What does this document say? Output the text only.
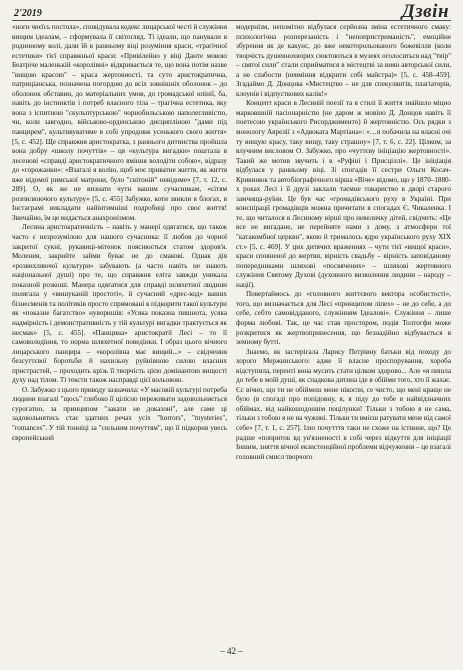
2'2019	Дзвін

«ноги чиєїсь постола», сповідувала кодекс лицарської честі й служіння вищим ідеалам, – сформувала її світогляд. Ті ідеали, що панували в родинному колі, дали їй в ранньому віці розуміння краси, «трагічної естетики» тієї справжньої краси: «Привілейно у віці Данте мовою Беатріче маленькій «королівні» відкривається те, що вона потім назве "вищою красою" – краса жертовності, та суто аристократична, патриціанська, позначена погордою до всіх зовнішніх оболонок – до оболонок обставин, до матеріальних умов, до громадської опінії, ба, навіть до інстинктів і потреб власного тіла – трагічна естетика, яку вона з іспитною "скульптурською" чорнобильською наполегливістю, чи, коли завгодно, військово-орденською дисципліною "дами під панцирем", культивуватиме в собі упродовж усенького свого життя» [5, с. 452]. Ще справжня аристократка, з раннього дитинства пройшла вона добру «школу почуттів» – ця «культура вигадки» поштала в лесенові «справді аристократичного вміння володіти собою», відразу до «горожанки»: «Взагалі я волію, щоб моє приватне життя, як життя вже відомої римської матрони, було "світоній" невідоме» [7, т. 12, с. 289]. О, як же не визнати чути вашим сучасникам, «сітям розпилюючого культуру» [5, с. 455] Забужко, коти звикли в блогах, в Інстаграмі викладати найінтимніші подробиці про своє життя! Звичайно, їм це видається анахронізмом.

Лесина аристократичність – навіть у манері одягатися, що також часто є незрозумілою для нашого сучасника: її любов до чорної закритої сукні, рукавиці-мітенок пояснюється статом здоров'я. Моления, закрийте займи буває не до смакові. Однак дія «розвихляючої культури» забувають (а часто навіть не знають національної душі) про те, що справжня еліта завжди уникала показной розкоші. Манера одягатися для справді шляхетної людини полягала у «вишуканій простоті», й сучасний «дрес-код» ваших бізнесменів та політиків просто спрямовані в підкорити такої культури як «показне багатство» нуворишів: «Усяка показна пишнота, усяка надмірність і демонстративність у тій культурі вигадки трактується як несмак» [5, с. 455]. «Панщина» аристократії Лесі – то її самоволодіння, то норма шляхетної поведінки. І образ цього вічного лицарського панцира – «королівна має вищий...» – свідчення безсуттєвої боротьби й нахильну руйнівною силою власних пристрастей, – проходить крізь її творчість цією домінантою вищості духу над тілом. Ті тексти також насправді цієї вольовою.

О. Забужко з цього приводу зазначила: «У масовій культурі потреба людини взагалі "щось" глибоко її цілісно переживати задовольняється сурогатно, за принципом "закати не доказоні", але саме ці задовольнятись стає здатних речах усіх "horrors", "mysteries", "romances". У тій тонніці за "сильним почуттям", що її підкорив увесь європейський

модернізм, непомітно відбулася серйозна зміна естетичного смаку: психологічна розперезаність і "непопристриманість", емоційне збурення як де какунс, до вже некоторольованого божевілля (коли творчість душевнохворих сюктоються в музеях оголоситься над "твір" – святої сили" стали сприйматися в містецтві за виян авторської сили, а не слабости (невміння відкрити собі майстра)» [5, с. 458–459]. Згадаймо Д. Донцова «Мистецтво – не для спекулянтів, плагіаторів, клоунів і відпусткових калік!»

Концепт краси в Лесиній поезії та в стилі її життя знайшло міцно марковшній пасіонарністю (не даром ж мовіно Д. Донцов навіть її поетесою українського Рисорджименто) й жертовністю. Ось рядки з монологу Аврелії з «Адвоката Мартіана»: «…я побачила на власні очі ту вищую красу, таку вищу, таку страшну» [7, т. 6, с. 22]. Цілком, за влучним висловом О. Забужко, про «чуттєву ініціацію жертовності». Такий же мотив звучить і в «Руфіні і Присціллі». Це ініціація відбулася у ранньому віці. Зі спогадів її сестри Ольги Косач-Кривинюк та автобіографічного вірша «Віче» відомо, що у 1870–1880-х роках Лесі і її друзі заклали таємне товариство в дворі старого замчища-руїни. Це був час «громадівського руху в Україні. При конспірації громадівців можна прочитати в спогадах Є. Чикаленка. І те, що читалося в Лесиному вірші про невеличку дітей, свідчить: «Це все не вигадане, не перейняте нами з дому, з атмосфери тої "катакомбної церкви", якою й трималось ядро українського руху XIX ст.» [5, с. 469]. У цих дитячих враженнях – чути тієї «вищої краси», краси сповненої до жертви, вірність свадьбу – вірність заповіданому попередниками шляхові «посвячених» – шляхові жертовного служіння Святому Духові (духовного визволення людини – народу – нації).

Повертаймось до «головного життєвого вектора особистості», того, що визначається для Лесі «принципом ліпех» – не до себе, а до себе, себто самовідданого, служінням Ідеалові». Служіння – лише форма любові. Так, це час став простором, подія Толтогфи може розкритися як жертвопринесення, що безнадійно відбувається в земному бутті.

Знаємо, як застерігала Ларису Петрівну батьки від походу до хорого Мержинського: адже її власне проспорування, хороба відступила, перенті вона мусить стати цілком здорово... Але «я пишла до тебе в моїй душі, як спадкова дитина іде в обійми того, хто її жахає. Єс вічно, що ти не обіймеш мене нікогли, се чисто, що мені краще не було (в спогаді про попідовну, я, я піду до тебе в найвідзначних обіймах, від найкошодошнм поцілунки! Тільки з тобою я не сама, тільки з тобою я не на чужині. Тільки ти вмієш ратувати мене від самої себе» [7, т. 1, с. 257]. Ілю почутття таки не схоже на істинне, що? Це радше «поприток вд ув'язненості в собі через відкуття для ініціації Іншим, зняття вічної екзистенційної проблеми відчуження – це взагалі головний смисл творчого

– 42 –
